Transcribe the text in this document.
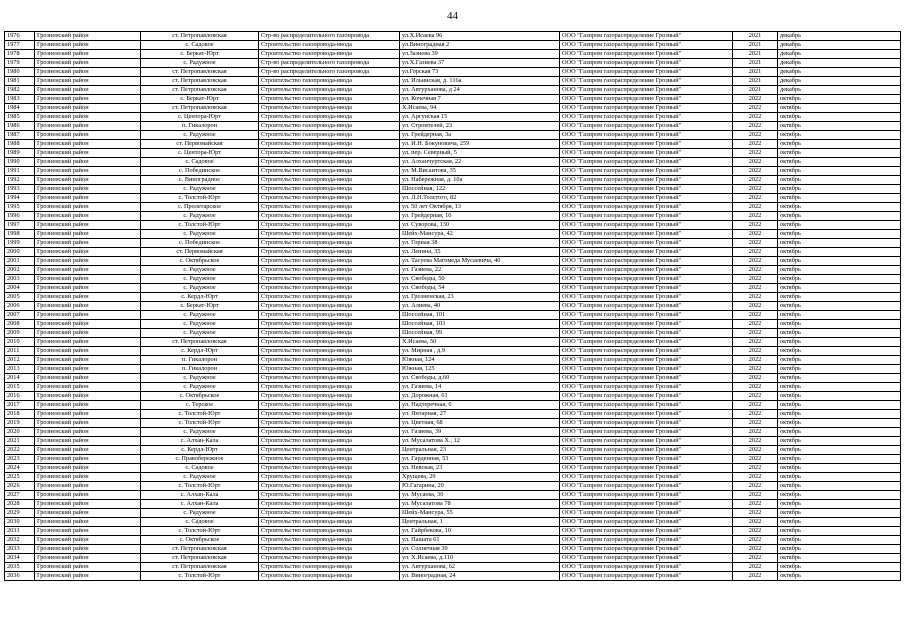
44
1976	Грозненский район	ст. Петропавловская	Стр-во распределительного газопровода	ул.Х.Исаева 96	ООО "Газпром газораспределение Грозный"	2021	декабрь
1977	Грозненский район	с. Садовое	Строительство газопровода-ввода	ул.Виноградная 2	ООО "Газпром газораспределение Грозный"	2021	декабрь
1978	Грозненский район	с. Беркат-Юрт	Строительство газопровода-ввода	ул.Зазиева 39	ООО "Газпром газораспределение Грозный"	2021	декабрь
1979	Грозненский район	с. Радужное	Стр-во распределительного газопровода	ул.Х.Газиева 37	ООО "Газпром газораспределение Грозный"	2021	декабрь
1980	Грозненский район	ст. Петропавловская	Стр-во распределительного газопровода	ул.Горская 73	ООО "Газпром газораспределение Грозный"	2021	декабрь
1981	Грозненский район	ст. Петропавловская	Строительство газопровода-ввода	ул. Ильинская, д. 116а	ООО "Газпром газораспределение Грозный"	2021	декабрь
1982	Грозненский район	ст. Петропавловская	Строительство газопровода-ввода	ул. Автурханова, д 24	ООО "Газпром газораспределение Грозный"	2021	декабрь
1983	Грозненский район	с. Беркат-Юрт	Строительство газопровода-ввода	ул. Кочечная 7	ООО "Газпром газораспределение Грозный"	2022	октябрь
1984	Грозненский район	ст. Петропавловская	Строительство газопровода-ввода	Х.Исаева, 94	ООО "Газпром газораспределение Грозный"	2022	октябрь
1985	Грозненский район	с. Центора-Юрт	Строительство газопровода-ввода	ул. Аргунская 15	ООО "Газпром газораспределение Грозный"	2022	октябрь
1986	Грозненский район	п. Гикалорон	Строительство газопровода-ввода	ул. Строителей, 23	ООО "Газпром газораспределение Грозный"	2022	октябрь
1987	Грозненский район	с. Радужное	Строительство газопровода-ввода	ул. Грейдерная, 3а	ООО "Газпром газораспределение Грозный"	2022	октябрь
1988	Грозненский район	ст. Первомайская	Строительство газопровода-ввода	ул. И.Н. Бокуновича, 259	ООО "Газпром газораспределение Грозный"	2022	октябрь
1989	Грозненский район	с. Центора-Юрт	Строительство газопровода-ввода	ул. пер. Северный, 5	ООО "Газпром газораспределение Грозный"	2022	октябрь
1990	Грозненский район	с. Садовое	Строительство газопровода-ввода	ул. Алханчуртская, 22	ООО "Газпром газораспределение Грозный"	2022	октябрь
1991	Грозненский район	с. Побединское	Строительство газопровода-ввода	ул. М.Висаитова, 35	ООО "Газпром газораспределение Грозный"	2022	октябрь
1992	Грозненский район	с. Виноградное	Строительство газопровода-ввода	ул. Набережная, д. 10а	ООО "Газпром газораспределение Грозный"	2022	октябрь
1993	Грозненский район	с. Радужное	Строительство газопровода-ввода	Шоссейная, 122	ООО "Газпром газораспределение Грозный"	2022	октябрь
1994	Грозненский район	с. Толстой-Юрт	Строительство газопровода-ввода	ул. Л.Н.Толстого, 82	ООО "Газпром газораспределение Грозный"	2022	октябрь
1995	Грозненский район	с. Пролетарское	Строительство газопровода-ввода	ул. 50 лет Октября, 13	ООО "Газпром газораспределение Грозный"	2022	октябрь
1996	Грозненский район	с. Радужное	Строительство газопровода-ввода	ул. Грейдерная, 10	ООО "Газпром газораспределение Грозный"	2022	октябрь
1997	Грозненский район	с. Толстой-Юрт	Строительство газопровода-ввода	ул. Суворова, 130	ООО "Газпром газораспределение Грозный"	2022	октябрь
1998	Грозненский район	с. Радужное	Строительство газопровода-ввода	Шейх-Мансура, 42	ООО "Газпром газораспределение Грозный"	2022	октябрь
1999	Грозненский район	с. Побединское	Строительство газопровода-ввода	ул. Горная 38	ООО "Газпром газораспределение Грозный"	2022	октябрь
2000	Грозненский район	ст. Первомайская	Строительство газопровода-ввода	ул. Ленина, 35	ООО "Газпром газораспределение Грозный"	2022	октябрь
2001	Грозненский район	с. Октябрьское	Строительство газопровода-ввода	ул. Тасуева Магомеда Мусаевича, 40	ООО "Газпром газораспределение Грозный"	2022	октябрь
2002	Грозненский район	с. Радужное	Строительство газопровода-ввода	ул. Газиева, 22	ООО "Газпром газораспределение Грозный"	2022	октябрь
2003	Грозненский район	с. Радужное	Строительство газопровода-ввода	ул. Свободы, 50	ООО "Газпром газораспределение Грозный"	2022	октябрь
2004	Грозненский район	с. Радужное	Строительство газопровода-ввода	ул. Свободы, 54	ООО "Газпром газораспределение Грозный"	2022	октябрь
2005	Грозненский район	с. Кердл-Юрт	Строительство газопровода-ввода	ул. Грозненская, 23	ООО "Газпром газораспределение Грозный"	2022	октябрь
2006	Грозненский район	с. Беркат-Юрт	Строительство газопровода-ввода	ул. Алиева, 40	ООО "Газпром газораспределение Грозный"	2022	октябрь
2007	Грозненский район	с. Радужное	Строительство газопровода-ввода	Шоссейная, 101	ООО "Газпром газораспределение Грозный"	2022	октябрь
2008	Грозненский район	с. Радужное	Строительство газопровода-ввода	Шоссейная, 103	ООО "Газпром газораспределение Грозный"	2022	октябрь
2009	Грозненский район	с. Радужное	Строительство газопровода-ввода	Шоссейная, 99	ООО "Газпром газораспределение Грозный"	2022	октябрь
2010	Грозненский район	ст. Петропавловская	Строительство газопровода-ввода	Х.Исаева, 50	ООО "Газпром газораспределение Грозный"	2022	октябрь
2011	Грозненский район	с. Кердл-Юрт	Строительство газопровода-ввода	ул. Мирная , д.9	ООО "Газпром газораспределение Грозный"	2022	октябрь
2012	Грозненский район	п. Гикалорон	Строительство газопровода-ввода	Южная, 124	ООО "Газпром газораспределение Грозный"	2022	октябрь
2013	Грозненский район	п. Гикалорон	Строительство газопровода-ввода	Южная, 125	ООО "Газпром газораспределение Грозный"	2022	октябрь
2014	Грозненский район	с. Радужное	Строительство газопровода-ввода	ул. Свободы, д.60	ООО "Газпром газораспределение Грозный"	2022	октябрь
2015	Грозненский район	с. Радужное	Строительство газопровода-ввода	ул. Газиева, 14	ООО "Газпром газораспределение Грозный"	2022	октябрь
2016	Грозненский район	с. Октябрьское	Строительство газопровода-ввода	ул. Дорожная, 61	ООО "Газпром газораспределение Грозный"	2022	октябрь
2017	Грозненский район	с. Терское	Строительство газопровода-ввода	ул. Надтеречная, 6	ООО "Газпром газораспределение Грозный"	2022	октябрь
2018	Грозненский район	с. Толстой-Юрт	Строительство газопровода-ввода	ул. Янтарная, 27	ООО "Газпром газораспределение Грозный"	2022	октябрь
2019	Грозненский район	с. Толстой-Юрт	Строительство газопровода-ввода	ул. Цветная, 68	ООО "Газпром газораспределение Грозный"	2022	октябрь
2020	Грозненский район	с. Радужное	Строительство газопровода-ввода	ул. Газиева, 39	ООО "Газпром газораспределение Грозный"	2022	октябрь
2021	Грозненский район	с. Алхан-Кала	Строительство газопровода-ввода	ул. Мусалатова Х., 12	ООО "Газпром газораспределение Грозный"	2022	октябрь
2022	Грозненский район	с. Кердл-Юрт	Строительство газопровода-ввода	Центральная, 23	ООО "Газпром газораспределение Грозный"	2022	октябрь
2023	Грозненский район	с. Правобережное	Строительство газопровода-ввода	ул. Гарденная, 53	ООО "Газпром газораспределение Грозный"	2022	октябрь
2024	Грозненский район	с. Садовое	Строительство газопровода-ввода	ул. Невская, 23	ООО "Газпром газораспределение Грозный"	2022	октябрь
2025	Грозненский район	с. Радужное	Строительство газопровода-ввода	Хрущева, 29	ООО "Газпром газораспределение Грозный"	2022	октябрь
2026	Грозненский район	с. Толстой-Юрт	Строительство газопровода-ввода	Ю.Гагарина, 20	ООО "Газпром газораспределение Грозный"	2022	октябрь
2027	Грозненский район	с. Алхан-Кала	Строительство газопровода-ввода	ул. Мусаева, 30	ООО "Газпром газораспределение Грозный"	2022	октябрь
2028	Грозненский район	с. Алхан-Кала	Строительство газопровода-ввода	ул. Мусалатова 78	ООО "Газпром газораспределение Грозный"	2022	октябрь
2029	Грозненский район	с. Радужное	Строительство газопровода-ввода	Шейх-Мансура, 55	ООО "Газпром газораспределение Грозный"	2022	октябрь
2030	Грозненский район	с. Садовое	Строительство газопровода-ввода	Центральная, 1	ООО "Газпром газораспределение Грозный"	2022	октябрь
2031	Грозненский район	с. Толстой-Юрт	Строительство газопровода-ввода	ул. Гайрбекова, 10	ООО "Газпром газораспределение Грозный"	2022	октябрь
2032	Грозненский район	с. Октябрьское	Строительство газопровода-ввода	ул. Пашата 61	ООО "Газпром газораспределение Грозный"	2022	октябрь
2033	Грозненский район	ст. Петропавловская	Строительство газопровода-ввода	ул. Солнечная 39	ООО "Газпром газораспределение Грозный"	2022	октябрь
2034	Грозненский район	ст. Петропавловская	Строительство газопровода-ввода	ул. Х.Исаева, д.110	ООО "Газпром газораспределение Грозный"	2022	октябрь
2035	Грозненский район	ст. Петропавловская	Строительство газопровода-ввода	ул. Автурханова, 62	ООО "Газпром газораспределение Грозный"	2022	октябрь
2036	Грозненский район	с. Толстой-Юрт	Строительство газопровода-ввода	ул. Виноградная, 24	ООО "Газпром газораспределение Грозный"	2022	октябрь
